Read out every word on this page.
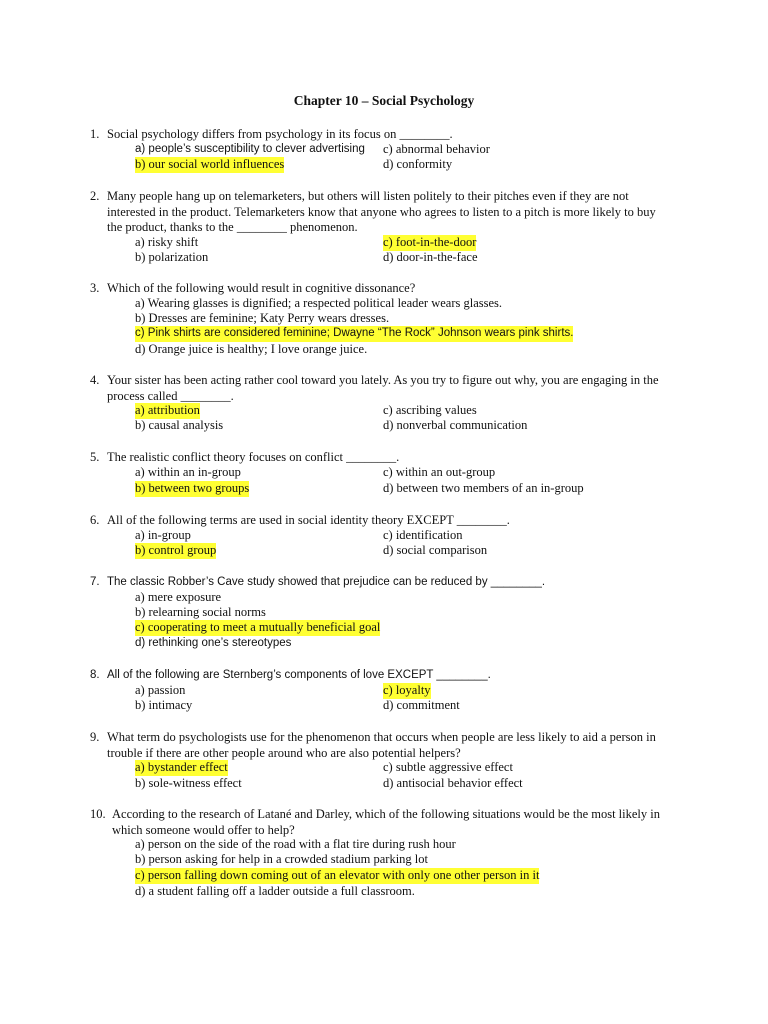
Chapter 10 – Social Psychology
1. Social psychology differs from psychology in its focus on ________.
a) people’s susceptibility to clever advertising c) abnormal behavior
b) our social world influences	d) conformity
2. Many people hang up on telemarketers, but others will listen politely to their pitches even if they are not
interested in the product. Telemarketers know that anyone who agrees to listen to a pitch is more likely to buy
the product, thanks to the ________ phenomenon.
a) risky shift	c) foot-in-the-door
b) polarization	d) door-in-the-face
3. Which of the following would result in cognitive dissonance?
a) Wearing glasses is dignified; a respected political leader wears glasses.
b) Dresses are feminine; Katy Perry wears dresses.
c) Pink shirts are considered feminine; Dwayne “The Rock” Johnson wears pink shirts.
d) Orange juice is healthy; I love orange juice.
4. Your sister has been acting rather cool toward you lately. As you try to figure out why, you are engaging in the
process called ________.
a) attribution	c) ascribing values
b) causal analysis	d) nonverbal communication
5. The realistic conflict theory focuses on conflict ________.
a) within an in-group	c) within an out-group
b) between two groups	d) between two members of an in-group
6. All of the following terms are used in social identity theory EXCEPT ________.
a) in-group	c) identification
b) control group	d) social comparison
7. The classic Robber’s Cave study showed that prejudice can be reduced by ________.
a) mere exposure
b) relearning social norms
c) cooperating to meet a mutually beneficial goal
d) rethinking one’s stereotypes
8. All of the following are Sternberg’s components of love EXCEPT ________.
a) passion	c) loyalty
b) intimacy	d) commitment
9. What term do psychologists use for the phenomenon that occurs when people are less likely to aid a person in
trouble if there are other people around who are also potential helpers?
a) bystander effect	c) subtle aggressive effect
b) sole-witness effect	d) antisocial behavior effect
10. According to the research of Latané and Darley, which of the following situations would be the most likely in
which someone would offer to help?
a) person on the side of the road with a flat tire during rush hour
b) person asking for help in a crowded stadium parking lot
c) person falling down coming out of an elevator with only one other person in it
d) a student falling off a ladder outside a full classroom.
